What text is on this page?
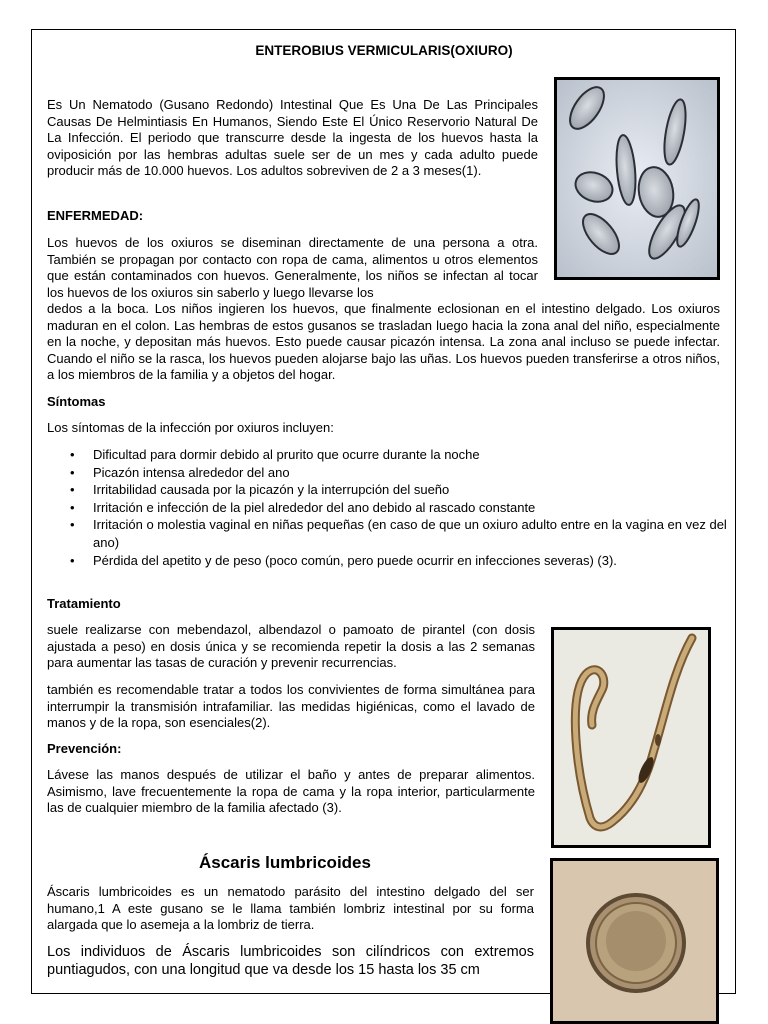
ENTEROBIUS VERMICULARIS(OXIURO)

Es Un Nematodo (Gusano Redondo) Intestinal Que Es Una De Las Principales Causas De Helmintiasis En Humanos, Siendo Este El Único Reservorio Natural De La Infección. El periodo que transcurre desde la ingesta de los huevos hasta la oviposición por las hembras adultas suele ser de un mes y cada adulto puede producir más de 10.000 huevos. Los adultos sobreviven de 2 a 3 meses(1).

ENFERMEDAD:

Los huevos de los oxiuros se diseminan directamente de una persona a otra. También se propagan por contacto con ropa de cama, alimentos u otros elementos que están contaminados con huevos. Generalmente, los niños se infectan al tocar los huevos de los oxiuros sin saberlo y luego llevarse los

dedos a la boca. Los niños ingieren los huevos, que finalmente eclosionan en el intestino delgado. Los oxiuros maduran en el colon. Las hembras de estos gusanos se trasladan luego hacia la zona anal del niño, especialmente en la noche, y depositan más huevos. Esto puede causar picazón intensa. La zona anal incluso se puede infectar. Cuando el niño se la rasca, los huevos pueden alojarse bajo las uñas. Los huevos pueden transferirse a otros niños, a los miembros de la familia y a objetos del hogar.

Síntomas

Los síntomas de la infección por oxiuros incluyen:

• Dificultad para dormir debido al prurito que ocurre durante la noche
• Picazón intensa alrededor del ano
• Irritabilidad causada por la picazón y la interrupción del sueño
• Irritación e infección de la piel alrededor del ano debido al rascado constante
• Irritación o molestia vaginal en niñas pequeñas (en caso de que un oxiuro adulto entre en la vagina en vez del ano)
• Pérdida del apetito y de peso (poco común, pero puede ocurrir en infecciones severas) (3).
Tratamiento

suele realizarse con mebendazol, albendazol o pamoato de pirantel (con dosis ajustada a peso) en dosis única y se recomienda repetir la dosis a las 2 semanas para aumentar las tasas de curación y prevenir recurrencias.

también es recomendable tratar a todos los convivientes de forma simultánea para interrumpir la transmisión intrafamiliar. las medidas higiénicas, como el lavado de manos y de la ropa, son esenciales(2).

Prevención:

Lávese las manos después de utilizar el baño y antes de preparar alimentos. Asimismo, lave frecuentemente la ropa de cama y la ropa interior, particularmente las de cualquier miembro de la familia afectado (3).

Áscaris lumbricoides

Áscaris lumbricoides es un nematodo parásito del intestino delgado del ser humano,1 A este gusano se le llama también lombriz intestinal por su forma alargada que lo asemeja a la lombriz de tierra.

Los individuos de Áscaris lumbricoides son cilíndricos con extremos puntiagudos, con una longitud que va desde los 15 hasta los 35 cm
